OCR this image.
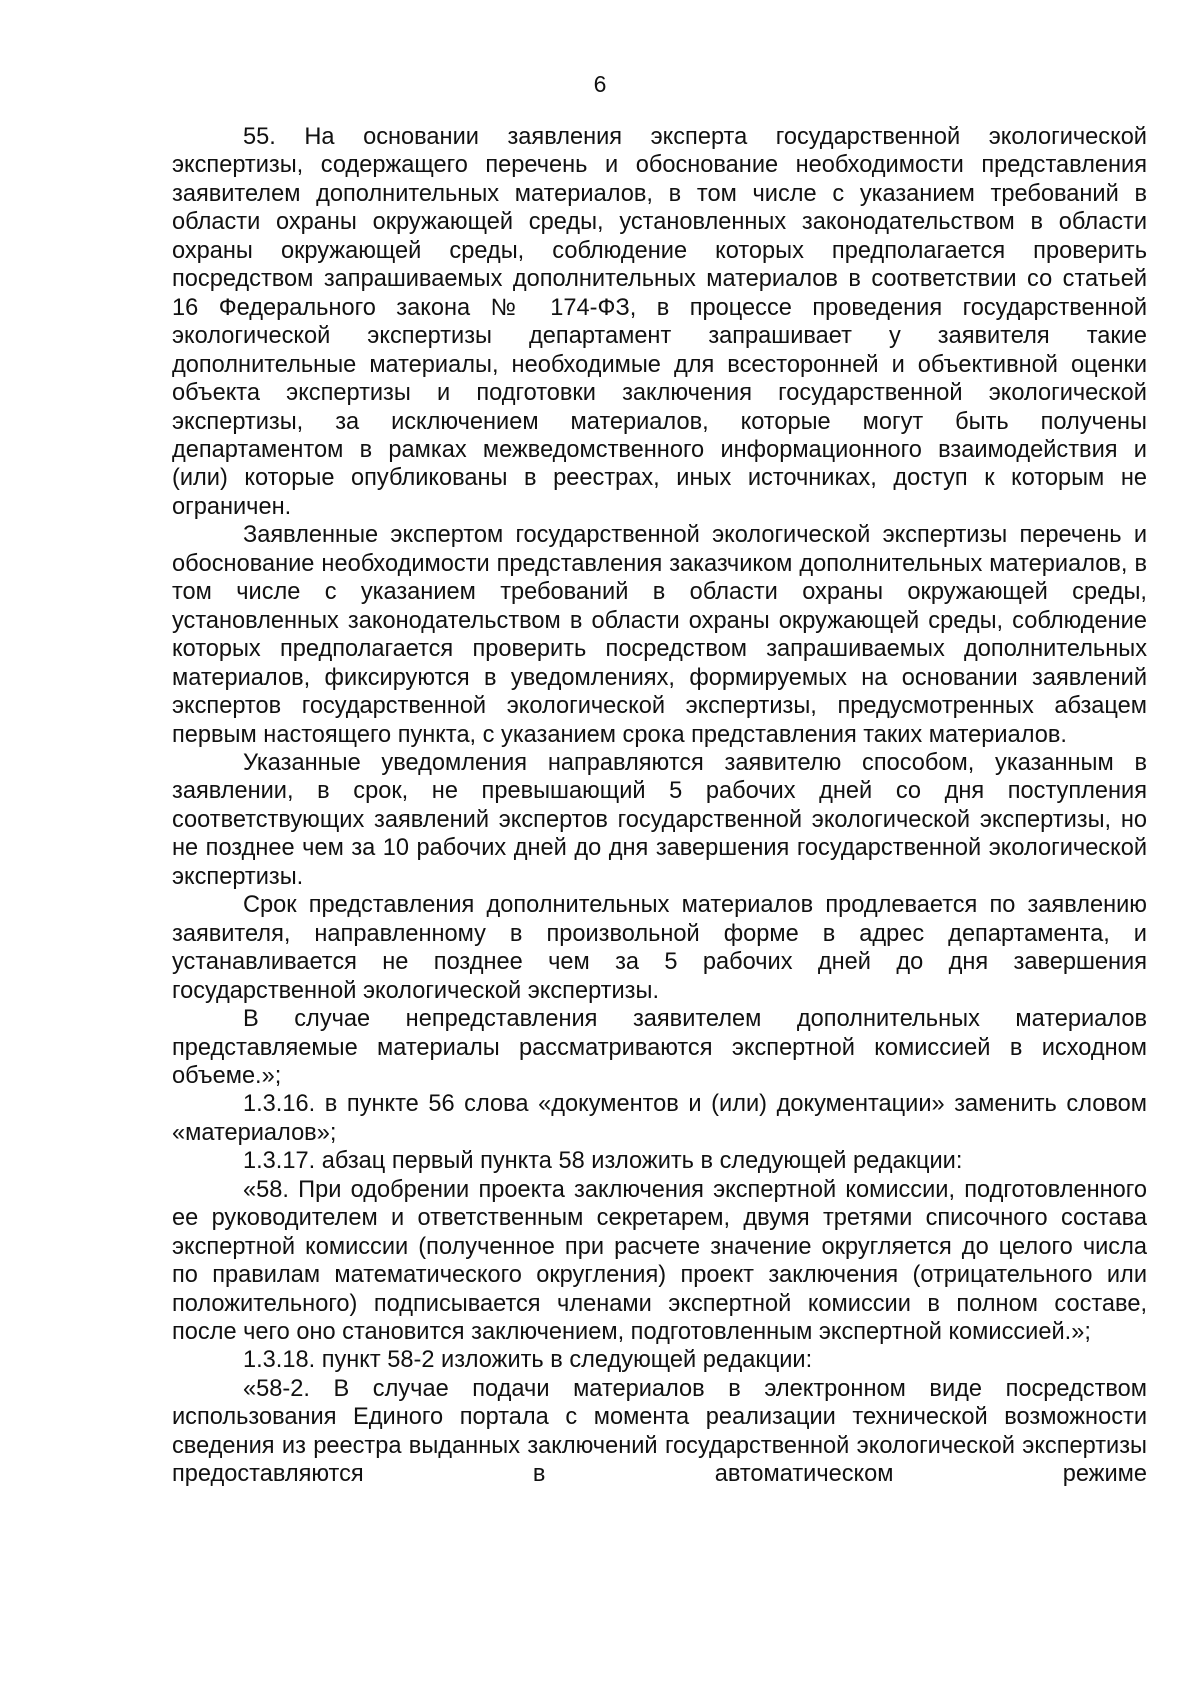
6

55. На основании заявления эксперта государственной экологической экспертизы, содержащего перечень и обоснование необходимости представления заявителем дополнительных материалов, в том числе с указанием требований в области охраны окружающей среды, установленных законодательством в области охраны окружающей среды, соблюдение которых предполагается проверить посредством запрашиваемых дополнительных материалов в соответствии со статьей 16 Федерального закона № 174-ФЗ, в процессе проведения государственной экологической экспертизы департамент запрашивает у заявителя такие дополнительные материалы, необходимые для всесторонней и объективной оценки объекта экспертизы и подготовки заключения государственной экологической экспертизы, за исключением материалов, которые могут быть получены департаментом в рамках межведомственного информационного взаимодействия и (или) которые опубликованы в реестрах, иных источниках, доступ к которым не ограничен.

Заявленные экспертом государственной экологической экспертизы перечень и обоснование необходимости представления заказчиком дополнительных материалов, в том числе с указанием требований в области охраны окружающей среды, установленных законодательством в области охраны окружающей среды, соблюдение которых предполагается проверить посредством запрашиваемых дополнительных материалов, фиксируются в уведомлениях, формируемых на основании заявлений экспертов государственной экологической экспертизы, предусмотренных абзацем первым настоящего пункта, с указанием срока представления таких материалов.

Указанные уведомления направляются заявителю способом, указанным в заявлении, в срок, не превышающий 5 рабочих дней со дня поступления соответствующих заявлений экспертов государственной экологической экспертизы, но не позднее чем за 10 рабочих дней до дня завершения государственной экологической экспертизы.

Срок представления дополнительных материалов продлевается по заявлению заявителя, направленному в произвольной форме в адрес департамента, и устанавливается не позднее чем за 5 рабочих дней до дня завершения государственной экологической экспертизы.

В случае непредставления заявителем дополнительных материалов представляемые материалы рассматриваются экспертной комиссией в исходном объеме.»;

1.3.16. в пункте 56 слова «документов и (или) документации» заменить словом «материалов»;

1.3.17. абзац первый пункта 58 изложить в следующей редакции:

«58. При одобрении проекта заключения экспертной комиссии, подготовленного ее руководителем и ответственным секретарем, двумя третями списочного состава экспертной комиссии (полученное при расчете значение округляется до целого числа по правилам математического округления) проект заключения (отрицательного или положительного) подписывается членами экспертной комиссии в полном составе, после чего оно становится заключением, подготовленным экспертной комиссией.»;

1.3.18. пункт 58-2 изложить в следующей редакции:

«58-2. В случае подачи материалов в электронном виде посредством использования Единого портала с момента реализации технической возможности сведения из реестра выданных заключений государственной экологической экспертизы предоставляются в автоматическом режиме
